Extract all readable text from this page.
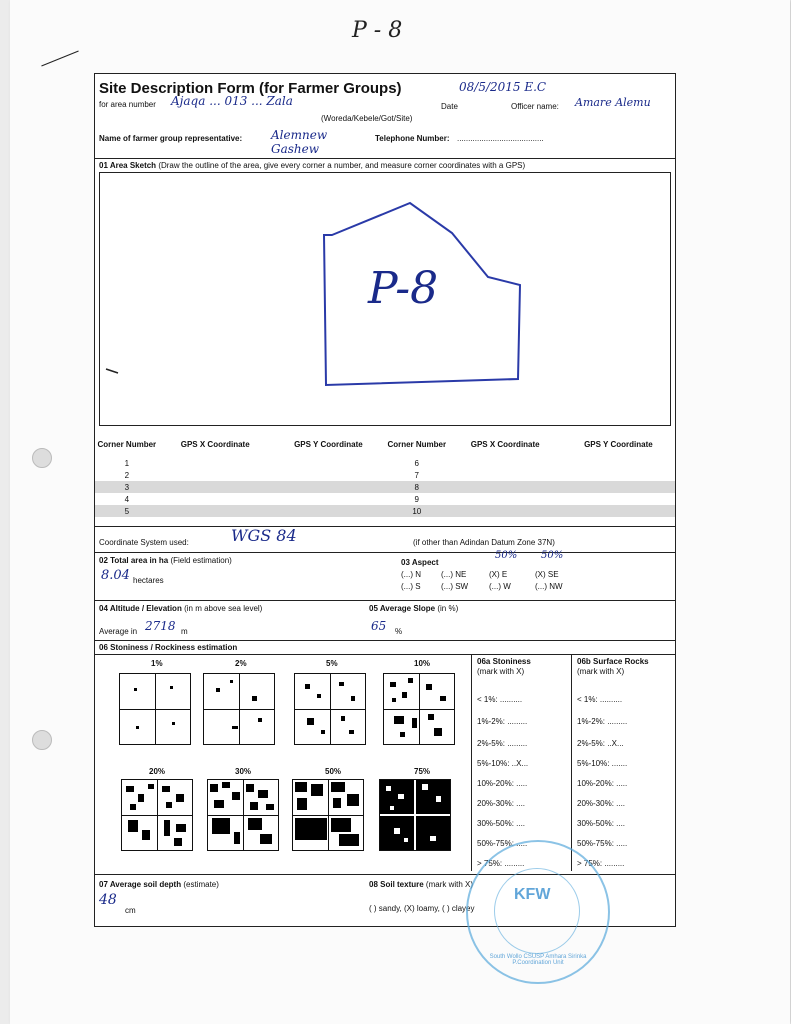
P - 8
Site Description Form (for Farmer Groups)
for area number Ajaqa ... 013 ... Zala
(Woreda/Kebele/Got/Site)
Date
08/5/2015 E.C
Officer name: Amare Alemu
Name of farmer group representative: Alemnew Gashew
Telephone Number: .......................................
01 Area Sketch (Draw the outline of the area, give every corner a number, and measure corner coordinates with a GPS)
P-8
Corner Number	GPS X Coordinate	GPS Y Coordinate	Corner Number	GPS X Coordinate	GPS Y Coordinate
1			6		
2			7		
3			8		
4			9		
5			10		
Coordinate System used:	WGS 84	(if other than Adindan Datum Zone 37N)
02 Total area in ha (Field estimation)
8.04 hectares
03 Aspect
50% 50%
(...) N	(...) NE	(X) E	(X) SE
(...) S	(...) SW	(...) W	(...) NW
04 Altitude / Elevation (in m above sea level)
Average in 2718 m
05 Average Slope (in %)
65 %
06 Stoniness / Rockiness estimation
1%	2%	5%	10%
20%	30%	50%	75%
06a Stoniness
(mark with X)
< 1%: ..........
1%-2%: .........
2%-5%: .........
5%-10%: ..X...
10%-20%: .....
20%-30%: ....
30%-50%: ....
50%-75%: .....
> 75%: .........
06b Surface Rocks
(mark with X)
< 1%: ..........
1%-2%: .........
2%-5%: ..X...
5%-10%: .......
10%-20%: .....
20%-30%: ....
30%-50%: ....
50%-75%: .....
> 75%: .........
07 Average soil depth (estimate)
48
cm
08 Soil texture (mark with X)
( ) sandy, (X) loamy, ( ) clayey
KFW
South Wollo CSUSP Amhara Sirinka P.Coordination Unit
